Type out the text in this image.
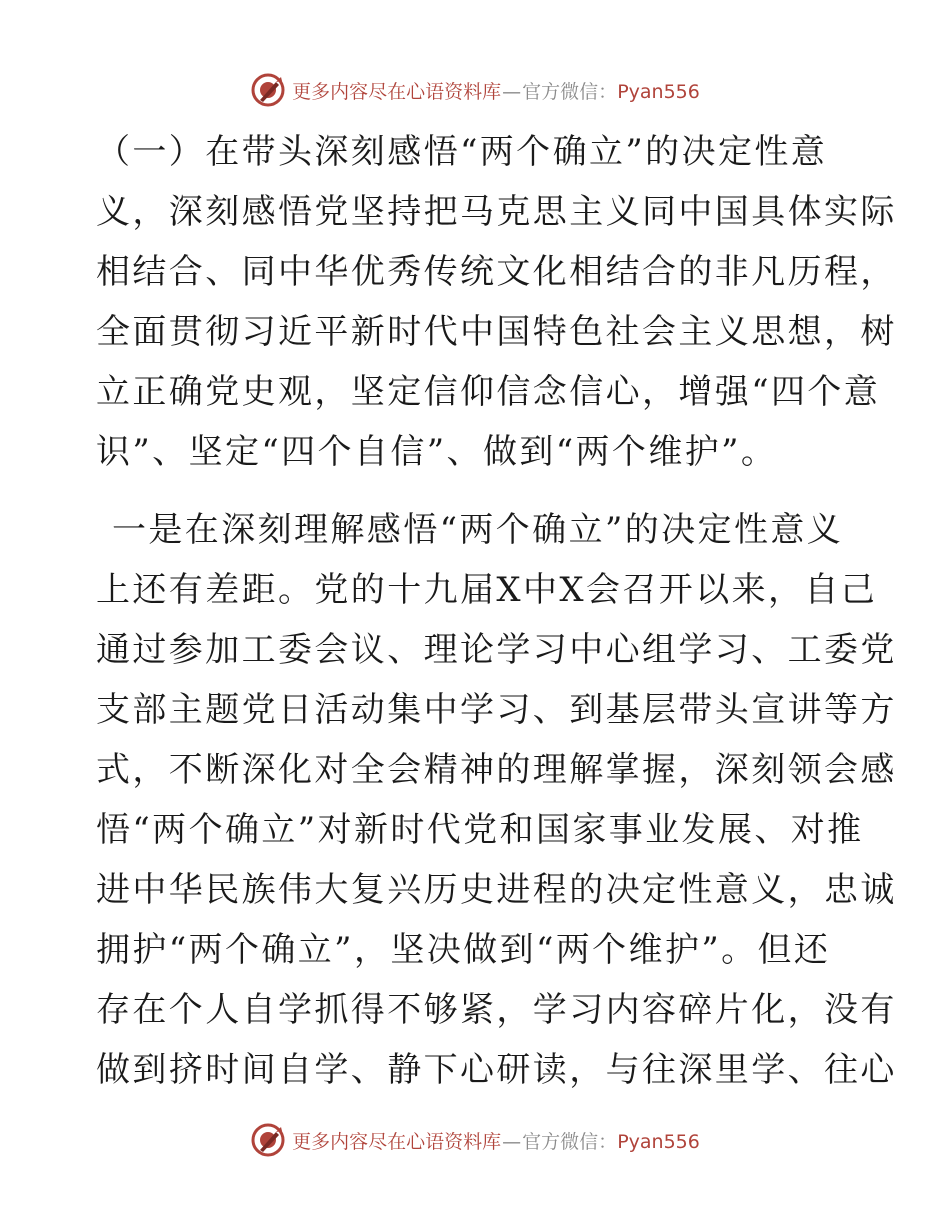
更多内容尽在心语资料库—官方微信：Pyan556
（一）在带头深刻感悟“两个确立”的决定性意
义，深刻感悟党坚持把马克思主义同中国具体实际
相结合、同中华优秀传统文化相结合的非凡历程，
全面贯彻习近平新时代中国特色社会主义思想，树
立正确党史观，坚定信仰信念信心，增强“四个意
识”、坚定“四个自信”、做到“两个维护”。
一是在深刻理解感悟“两个确立”的决定性意义
上还有差距。党的十九届X中X会召开以来，自己
通过参加工委会议、理论学习中心组学习、工委党
支部主题党日活动集中学习、到基层带头宣讲等方
式，不断深化对全会精神的理解掌握，深刻领会感
悟“两个确立”对新时代党和国家事业发展、对推
进中华民族伟大复兴历史进程的决定性意义，忠诚
拥护“两个确立”，坚决做到“两个维护”。但还
存在个人自学抓得不够紧，学习内容碎片化，没有
做到挤时间自学、静下心研读，与往深里学、往心
更多内容尽在心语资料库—官方微信：Pyan556
